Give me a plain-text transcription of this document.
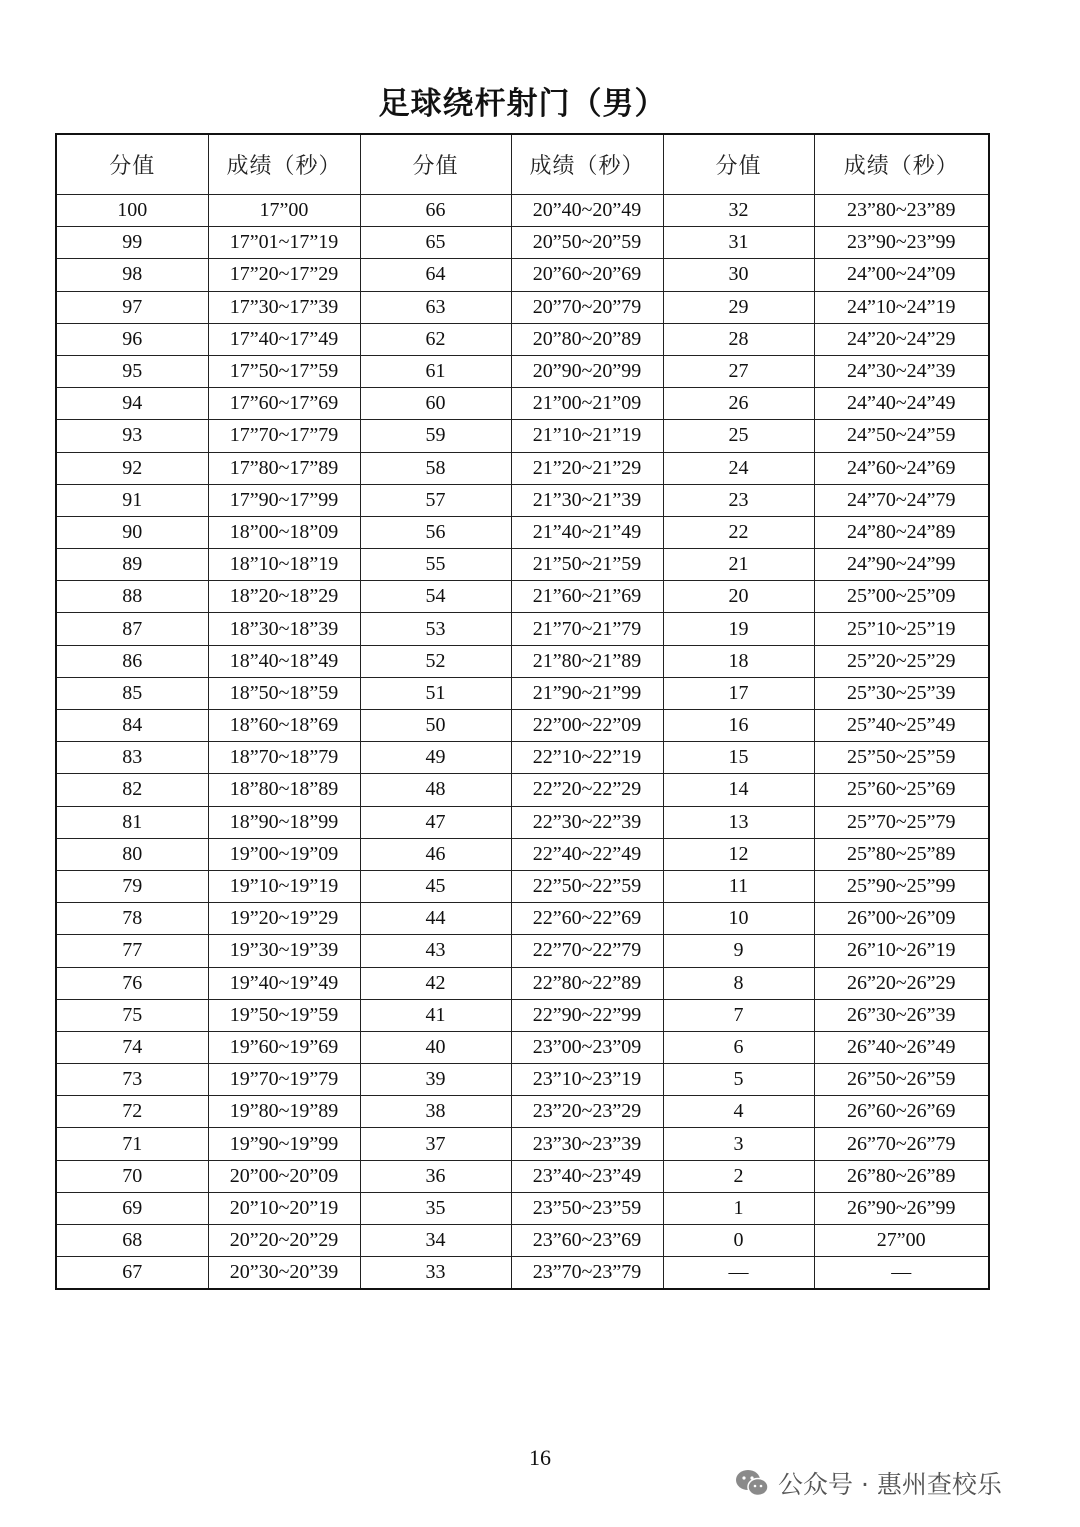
足球绕杆射门（男）
分值	成绩（秒）	分值	成绩（秒）	分值	成绩（秒）
100	17”00	66	20”40~20”49	32	23”80~23”89
99	17”01~17”19	65	20”50~20”59	31	23”90~23”99
98	17”20~17”29	64	20”60~20”69	30	24”00~24”09
97	17”30~17”39	63	20”70~20”79	29	24”10~24”19
96	17”40~17”49	62	20”80~20”89	28	24”20~24”29
95	17”50~17”59	61	20”90~20”99	27	24”30~24”39
94	17”60~17”69	60	21”00~21”09	26	24”40~24”49
93	17”70~17”79	59	21”10~21”19	25	24”50~24”59
92	17”80~17”89	58	21”20~21”29	24	24”60~24”69
91	17”90~17”99	57	21”30~21”39	23	24”70~24”79
90	18”00~18”09	56	21”40~21”49	22	24”80~24”89
89	18”10~18”19	55	21”50~21”59	21	24”90~24”99
88	18”20~18”29	54	21”60~21”69	20	25”00~25”09
87	18”30~18”39	53	21”70~21”79	19	25”10~25”19
86	18”40~18”49	52	21”80~21”89	18	25”20~25”29
85	18”50~18”59	51	21”90~21”99	17	25”30~25”39
84	18”60~18”69	50	22”00~22”09	16	25”40~25”49
83	18”70~18”79	49	22”10~22”19	15	25”50~25”59
82	18”80~18”89	48	22”20~22”29	14	25”60~25”69
81	18”90~18”99	47	22”30~22”39	13	25”70~25”79
80	19”00~19”09	46	22”40~22”49	12	25”80~25”89
79	19”10~19”19	45	22”50~22”59	11	25”90~25”99
78	19”20~19”29	44	22”60~22”69	10	26”00~26”09
77	19”30~19”39	43	22”70~22”79	9	26”10~26”19
76	19”40~19”49	42	22”80~22”89	8	26”20~26”29
75	19”50~19”59	41	22”90~22”99	7	26”30~26”39
74	19”60~19”69	40	23”00~23”09	6	26”40~26”49
73	19”70~19”79	39	23”10~23”19	5	26”50~26”59
72	19”80~19”89	38	23”20~23”29	4	26”60~26”69
71	19”90~19”99	37	23”30~23”39	3	26”70~26”79
70	20”00~20”09	36	23”40~23”49	2	26”80~26”89
69	20”10~20”19	35	23”50~23”59	1	26”90~26”99
68	20”20~20”29	34	23”60~23”69	0	27”00
67	20”30~20”39	33	23”70~23”79	—	—
16
公众号 · 惠州查校乐
